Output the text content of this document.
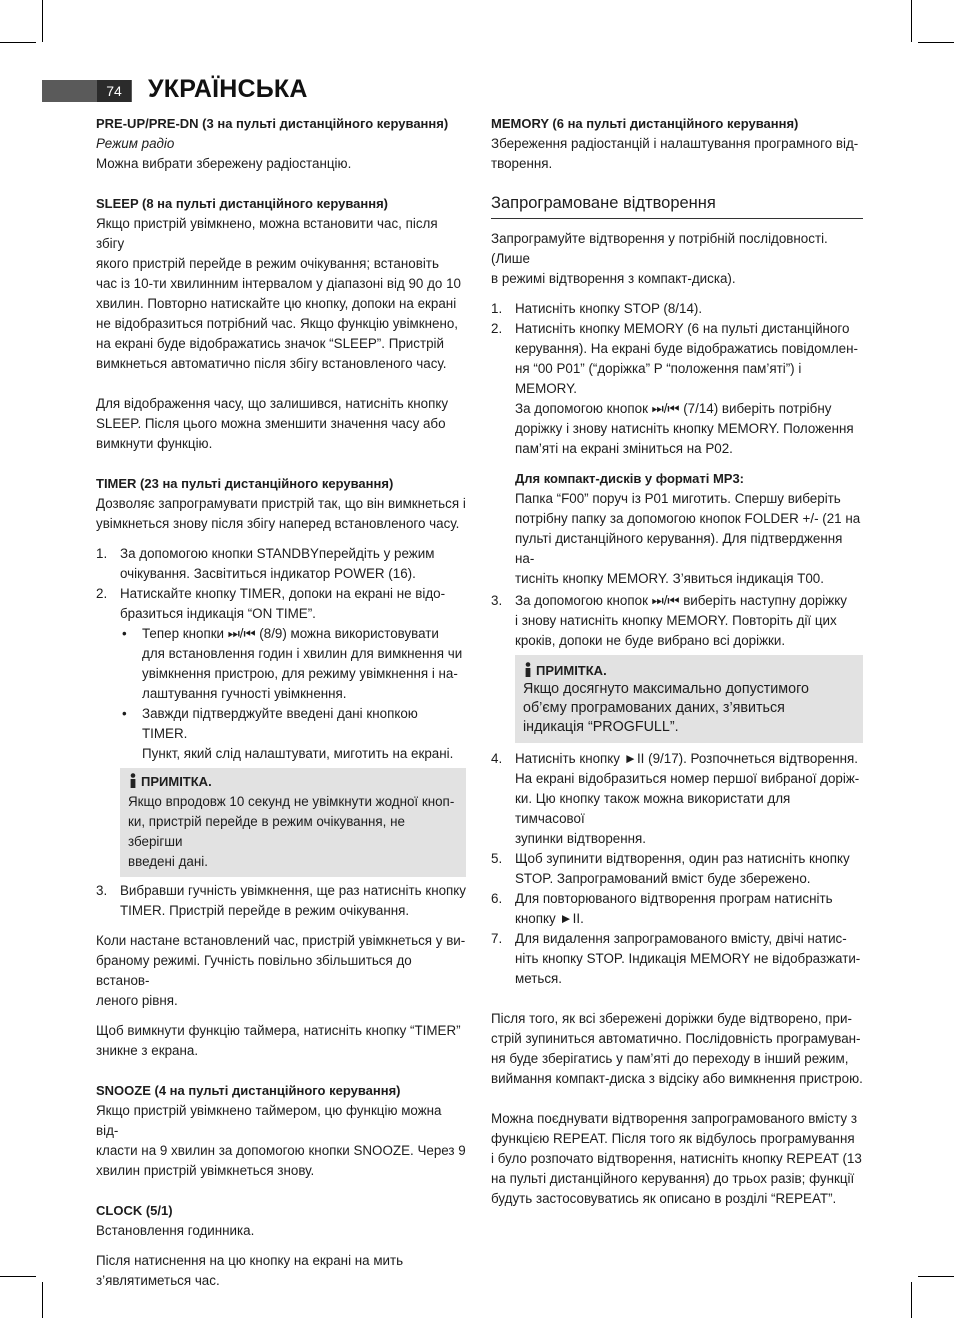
74	УКРАЇНСЬКА

PRE-UP/PRE-DN (3 на пульті дистанційного керування)

Режим радіо

Можна вибрати збережену радіостанцію.

SLEEP (8 на пульті дистанційного керування)

Якщо пристрій увімкнено, можна встановити час, після збігу
якого пристрій перейде в режим очікування; встановіть
час із 10-ти хвилинним інтервалом у діапазоні від 90 до 10
хвилин. Повторно натискайте цю кнопку, допоки на екрані
не відобразиться потрібний час. Якщо функцію увімкнено,
на екрані буде відображатись значок “SLEEP”. Пристрій
вимкнеться автоматично після збігу встановленого часу.
Для відображення часу, що залишився, натисніть кнопку
SLEEP. Після цього можна зменшити значення часу або
вимкнути функцію.

TIMER (23 на пульті дистанційного керування)

Дозволяє запрограмувати пристрій так, що він вимкнеться і
увімкнеться знову після збігу наперед встановленого часу.
1. За допомогою кнопки STANDBYперейдіть у режим
очікування. Засвітиться індикатор POWER (16).
2. Натискайте кнопку TIMER, допоки на екрані не відо-
бразиться індикація “ON TIME”.
• Тепер кнопки ⏭/⏮ (8/9) можна використовувати
для встановлення годин і хвилин для вимкнення чи
увімкнення пристрою, для режиму увімкнення і на-
лаштування гучності увімкнення.
• Завжди підтверджуйте введені дані кнопкою TIMER.
Пункт, який слід налаштувати, миготить на екрані.
ПРИМІТКА.
Якщо впродовж 10 секунд не увімкнути жодної кноп-
ки, пристрій перейде в режим очікування, не зберігши
введені дані.
3. Вибравши гучність увімкнення, ще раз натисніть кнопку
TIMER. Пристрій перейде в режим очікування.
Коли настане встановлений час, пристрій увімкнеться у ви-
браному режимі. Гучність повільно збільшиться до встанов-
леного рівня.
Щоб вимкнути функцію таймера, натисніть кнопку “TIMER”
зникне з екрана.

SNOOZE (4 на пульті дистанційного керування)

Якщо пристрій увімкнено таймером, цю функцію можна від-
класти на 9 хвилин за допомогою кнопки SNOOZE. Через 9
хвилин пристрій увімкнеться знову.

CLOCK (5/1)

Встановлення годинника.

Після натиснення на цю кнопку на екрані на мить
з’являтиметься час.

MEMORY (6 на пульті дистанційного керування)

Збереження радіостанцій і налаштування програмного від-
творення.
Запрограмоване відтворення
Запрограмуйте відтворення у потрібній послідовності. (Лише
в режимі відтворення з компакт-диска).
1. Натисніть кнопку STOP (8/14).
2. Натисніть кнопку MEMORY (6 на пульті дистанційного
керування). На екрані буде відображатись повідомлен-
ня “00 P01” (“доріжка” P “положення пам’яті”) і MEMORY.
За допомогою кнопок ⏭/⏮ (7/14) виберіть потрібну
доріжку і знову натисніть кнопку MEMORY. Положення
пам’яті на екрані зміниться на P02.

Для компакт-дисків у форматі MP3:

Папка “F00” поруч із P01 миготить. Спершу виберіть
потрібну папку за допомогою кнопок FOLDER +/- (21 на
пульті дистанційного керування). Для підтвердження на-
тисніть кнопку MEMORY. З’явиться індикація T00.
3. За допомогою кнопок ⏭/⏮ виберіть наступну доріжку
і знову натисніть кнопку MEMORY. Повторіть дії цих
кроків, допоки не буде вибрано всі доріжки.
ПРИМІТКА.
Якщо досягнуто максимально допустимого
об’єму програмованих даних, з’явиться
індикація “PROGFULL”.
4. Натисніть кнопку ►II (9/17). Розпочнеться відтворення.
На екрані відобразиться номер першої вибраної доріж-
ки. Цю кнопку також можна використати для тимчасової
зупинки відтворення.
5. Щоб зупинити відтворення, один раз натисніть кнопку
STOP. Запрограмований вміст буде збережено.
6. Для повторюваного відтворення програм натисніть
кнопку ►II.
7. Для видалення запрограмованого вмісту, двічі натис-
ніть кнопку STOP. Індикація MEMORY не відобразжати-
меться.
Після того, як всі збережені доріжки буде відтворено, при-
стрій зупиниться автоматично. Послідовність програмуван-
ня буде зберігатись у пам’яті до переходу в інший режим,
виймання компакт-диска з відсіку або вимкнення пристрою.
Можна поєднувати відтворення запрограмованого вмісту з
функцією REPEAT. Після того як відбулось програмування
і було розпочато відтворення, натисніть кнопку REPEAT (13
на пульті дистанційного керування) до трьох разів; функції
будуть застосовуватись як описано в розділі “REPEAT”.
